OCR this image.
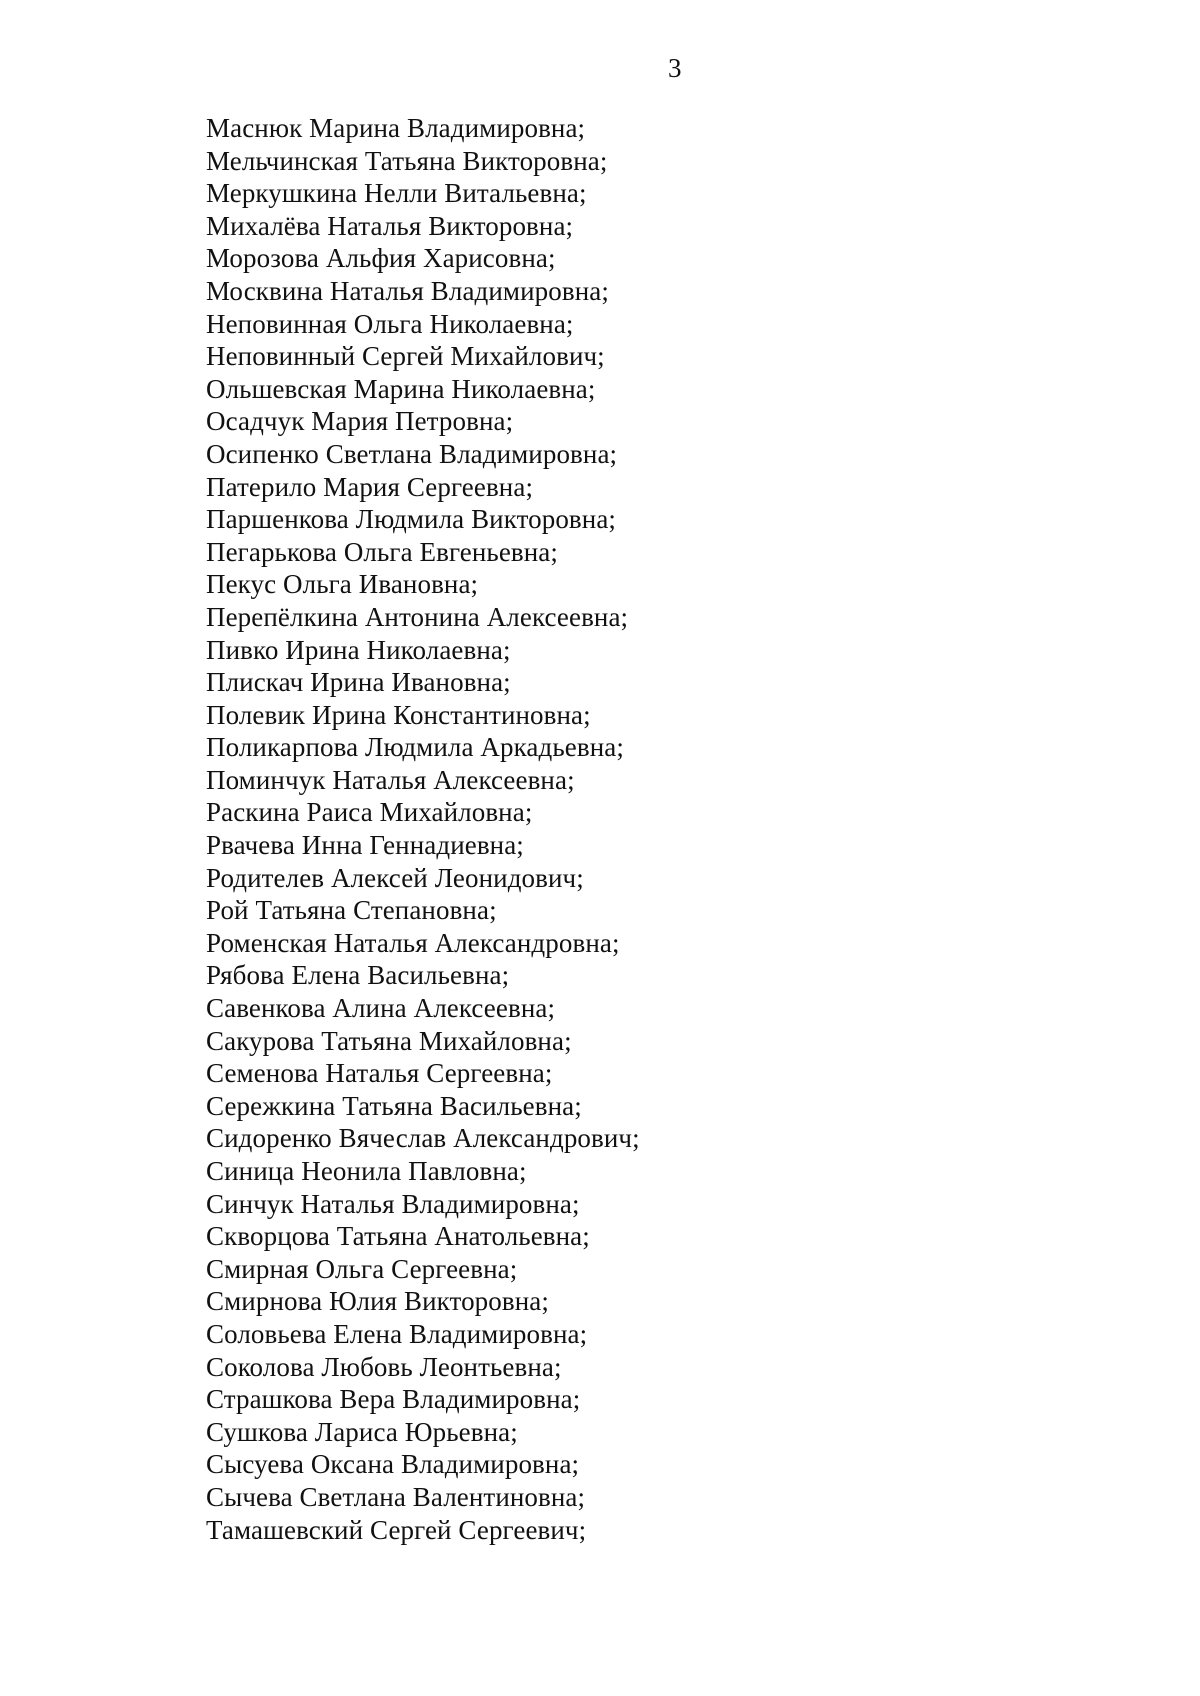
3
Маснюк Марина Владимировна;
Мельчинская Татьяна Викторовна;
Меркушкина Нелли Витальевна;
Михалёва Наталья Викторовна;
Морозова Альфия Харисовна;
Москвина Наталья Владимировна;
Неповинная Ольга Николаевна;
Неповинный Сергей Михайлович;
Ольшевская Марина Николаевна;
Осадчук Мария Петровна;
Осипенко Светлана Владимировна;
Патерило Мария Сергеевна;
Паршенкова Людмила Викторовна;
Пегарькова Ольга Евгеньевна;
Пекус Ольга Ивановна;
Перепёлкина Антонина Алексеевна;
Пивко Ирина Николаевна;
Плискач Ирина Ивановна;
Полевик Ирина Константиновна;
Поликарпова Людмила Аркадьевна;
Поминчук Наталья Алексеевна;
Раскина Раиса Михайловна;
Рвачева Инна Геннадиевна;
Родителев Алексей Леонидович;
Рой Татьяна Степановна;
Роменская Наталья Александровна;
Рябова Елена Васильевна;
Савенкова Алина Алексеевна;
Сакурова Татьяна Михайловна;
Семенова Наталья Сергеевна;
Сережкина Татьяна Васильевна;
Сидоренко Вячеслав Александрович;
Синица Неонила Павловна;
Синчук Наталья Владимировна;
Скворцова Татьяна Анатольевна;
Смирная Ольга Сергеевна;
Смирнова Юлия Викторовна;
Соловьева Елена Владимировна;
Соколова Любовь Леонтьевна;
Страшкова Вера Владимировна;
Сушкова Лариса Юрьевна;
Сысуева Оксана Владимировна;
Сычева Светлана Валентиновна;
Тамашевский Сергей Сергеевич;
